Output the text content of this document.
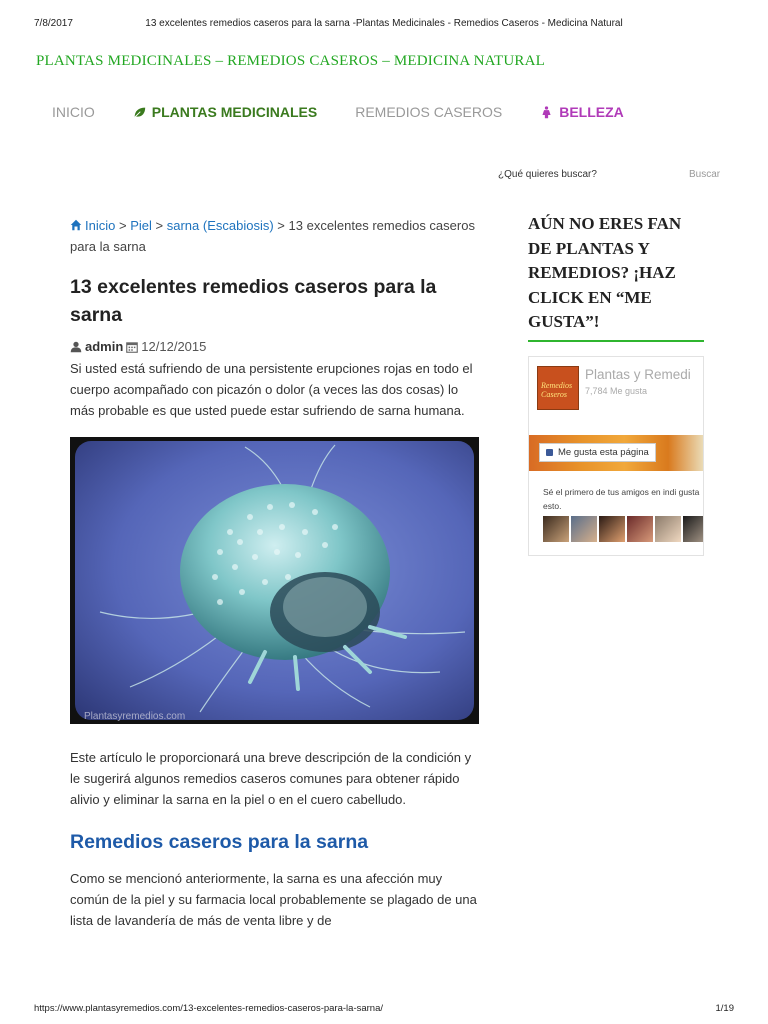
7/8/2017	13 excelentes remedios caseros para la sarna -Plantas Medicinales - Remedios Caseros - Medicina Natural
PLANTAS MEDICINALES – REMEDIOS CASEROS – MEDICINA NATURAL
INICIO	PLANTAS MEDICINALES	REMEDIOS CASEROS	BELLEZA
¿Qué quieres buscar?	Buscar
Inicio > Piel > sarna (Escabiosis) > 13 excelentes remedios caseros para la sarna
13 excelentes remedios caseros para la sarna
admin 12/12/2015

Si usted está sufriendo de una persistente erupciones rojas en todo el cuerpo acompañado con picazón o dolor (a veces las dos cosas) lo más probable es que usted puede estar sufriendo de sarna humana.

Plantasyremedios.com

Este artículo le proporcionará una breve descripción de la condición y le sugerirá algunos remedios caseros comunes para obtener rápido alivio y eliminar la sarna en la piel o en el cuero cabelludo.

Remedios caseros para la sarna

Como se mencionó anteriormente, la sarna es una afección muy común de la piel y su farmacia local probablemente se plagado de una lista de lavandería de más de venta libre y de

AÚN NO ERES FAN DE PLANTAS Y REMEDIOS? ¡HAZ CLICK EN “ME GUSTA”!
Remedios Caseros
Plantas y Remedi
7,784 Me gusta
Me gusta esta página

Sé el primero de tus amigos en indi gusta esto.

https://www.plantasyremedios.com/13-excelentes-remedios-caseros-para-la-sarna/	1/19
